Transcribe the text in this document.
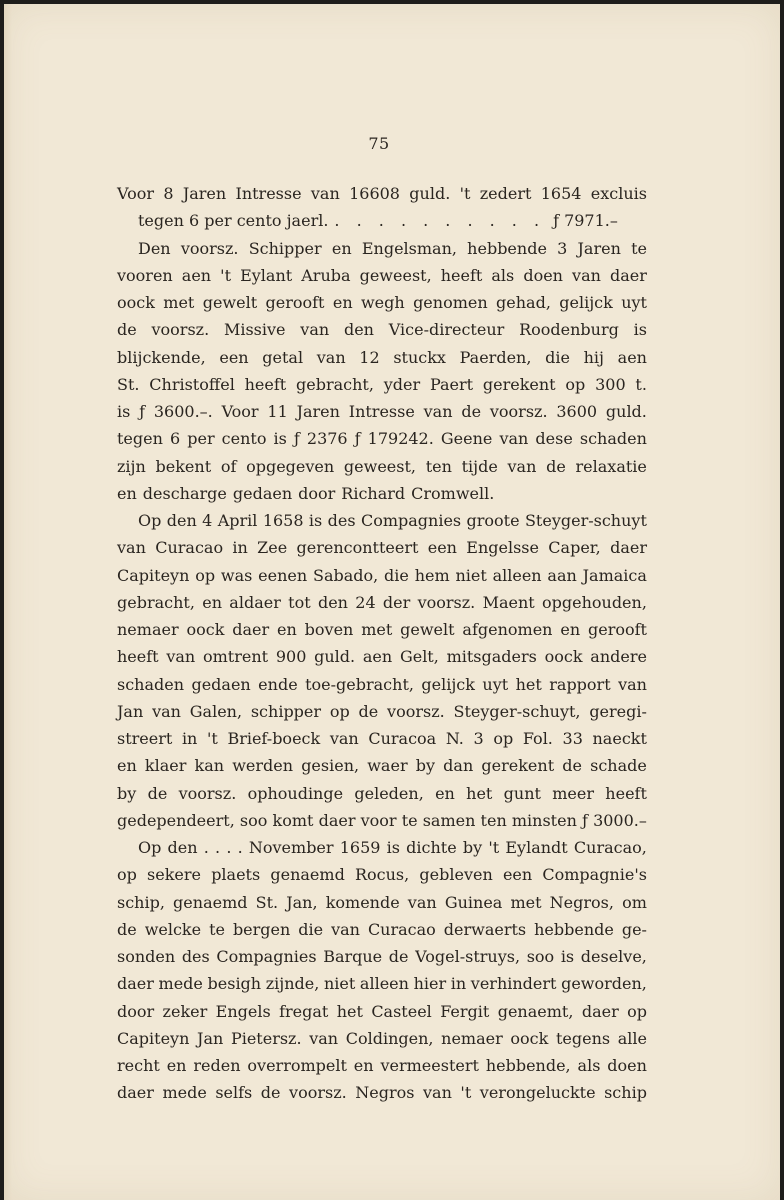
75
Voor 8 Jaren Intresse van 16608 guld. 't zedert 1654 excluis
tegen 6 per cento jaerl. . . . . . . . . . . ƒ 7971.–
Den voorsz. Schipper en Engelsman, hebbende 3 Jaren te
vooren aen 't Eylant Aruba geweest, heeft als doen van daer
oock met gewelt gerooft en wegh genomen gehad, gelijck uyt
de voorsz. Missive van den Vice-directeur Roodenburg is
blijckende, een getal van 12 stuckx Paerden, die hij aen
St. Christoffel heeft gebracht, yder Paert gerekent op 300 t.
is ƒ 3600.–. Voor 11 Jaren Intresse van de voorsz. 3600 guld.
tegen 6 per cento is ƒ 2376 ƒ 179242. Geene van dese schaden
zijn bekent of opgegeven geweest, ten tijde van de relaxatie
en descharge gedaen door Richard Cromwell.
Op den 4 April 1658 is des Compagnies groote Steyger-schuyt
van Curacao in Zee gerencontteert een Engelsse Caper, daer
Capiteyn op was eenen Sabado, die hem niet alleen aan Jamaica
gebracht, en aldaer tot den 24 der voorsz. Maent opgehouden,
nemaer oock daer en boven met gewelt afgenomen en gerooft
heeft van omtrent 900 guld. aen Gelt, mitsgaders oock andere
schaden gedaen ende toe-gebracht, gelijck uyt het rapport van
Jan van Galen, schipper op de voorsz. Steyger-schuyt, geregi-
streert in 't Brief-boeck van Curacoa N. 3 op Fol. 33 naeckt
en klaer kan werden gesien, waer by dan gerekent de schade
by de voorsz. ophoudinge geleden, en het gunt meer heeft
gedependeert, soo komt daer voor te samen ten minsten ƒ 3000.–
Op den . . . . November 1659 is dichte by 't Eylandt Curacao,
op sekere plaets genaemd Rocus, gebleven een Compagnie's
schip, genaemd St. Jan, komende van Guinea met Negros, om
de welcke te bergen die van Curacao derwaerts hebbende ge-
sonden des Compagnies Barque de Vogel-struys, soo is deselve,
daer mede besigh zijnde, niet alleen hier in verhindert geworden,
door zeker Engels fregat het Casteel Fergit genaemt, daer op
Capiteyn Jan Pietersz. van Coldingen, nemaer oock tegens alle
recht en reden overrompelt en vermeestert hebbende, als doen
daer mede selfs de voorsz. Negros van 't verongeluckte schip
